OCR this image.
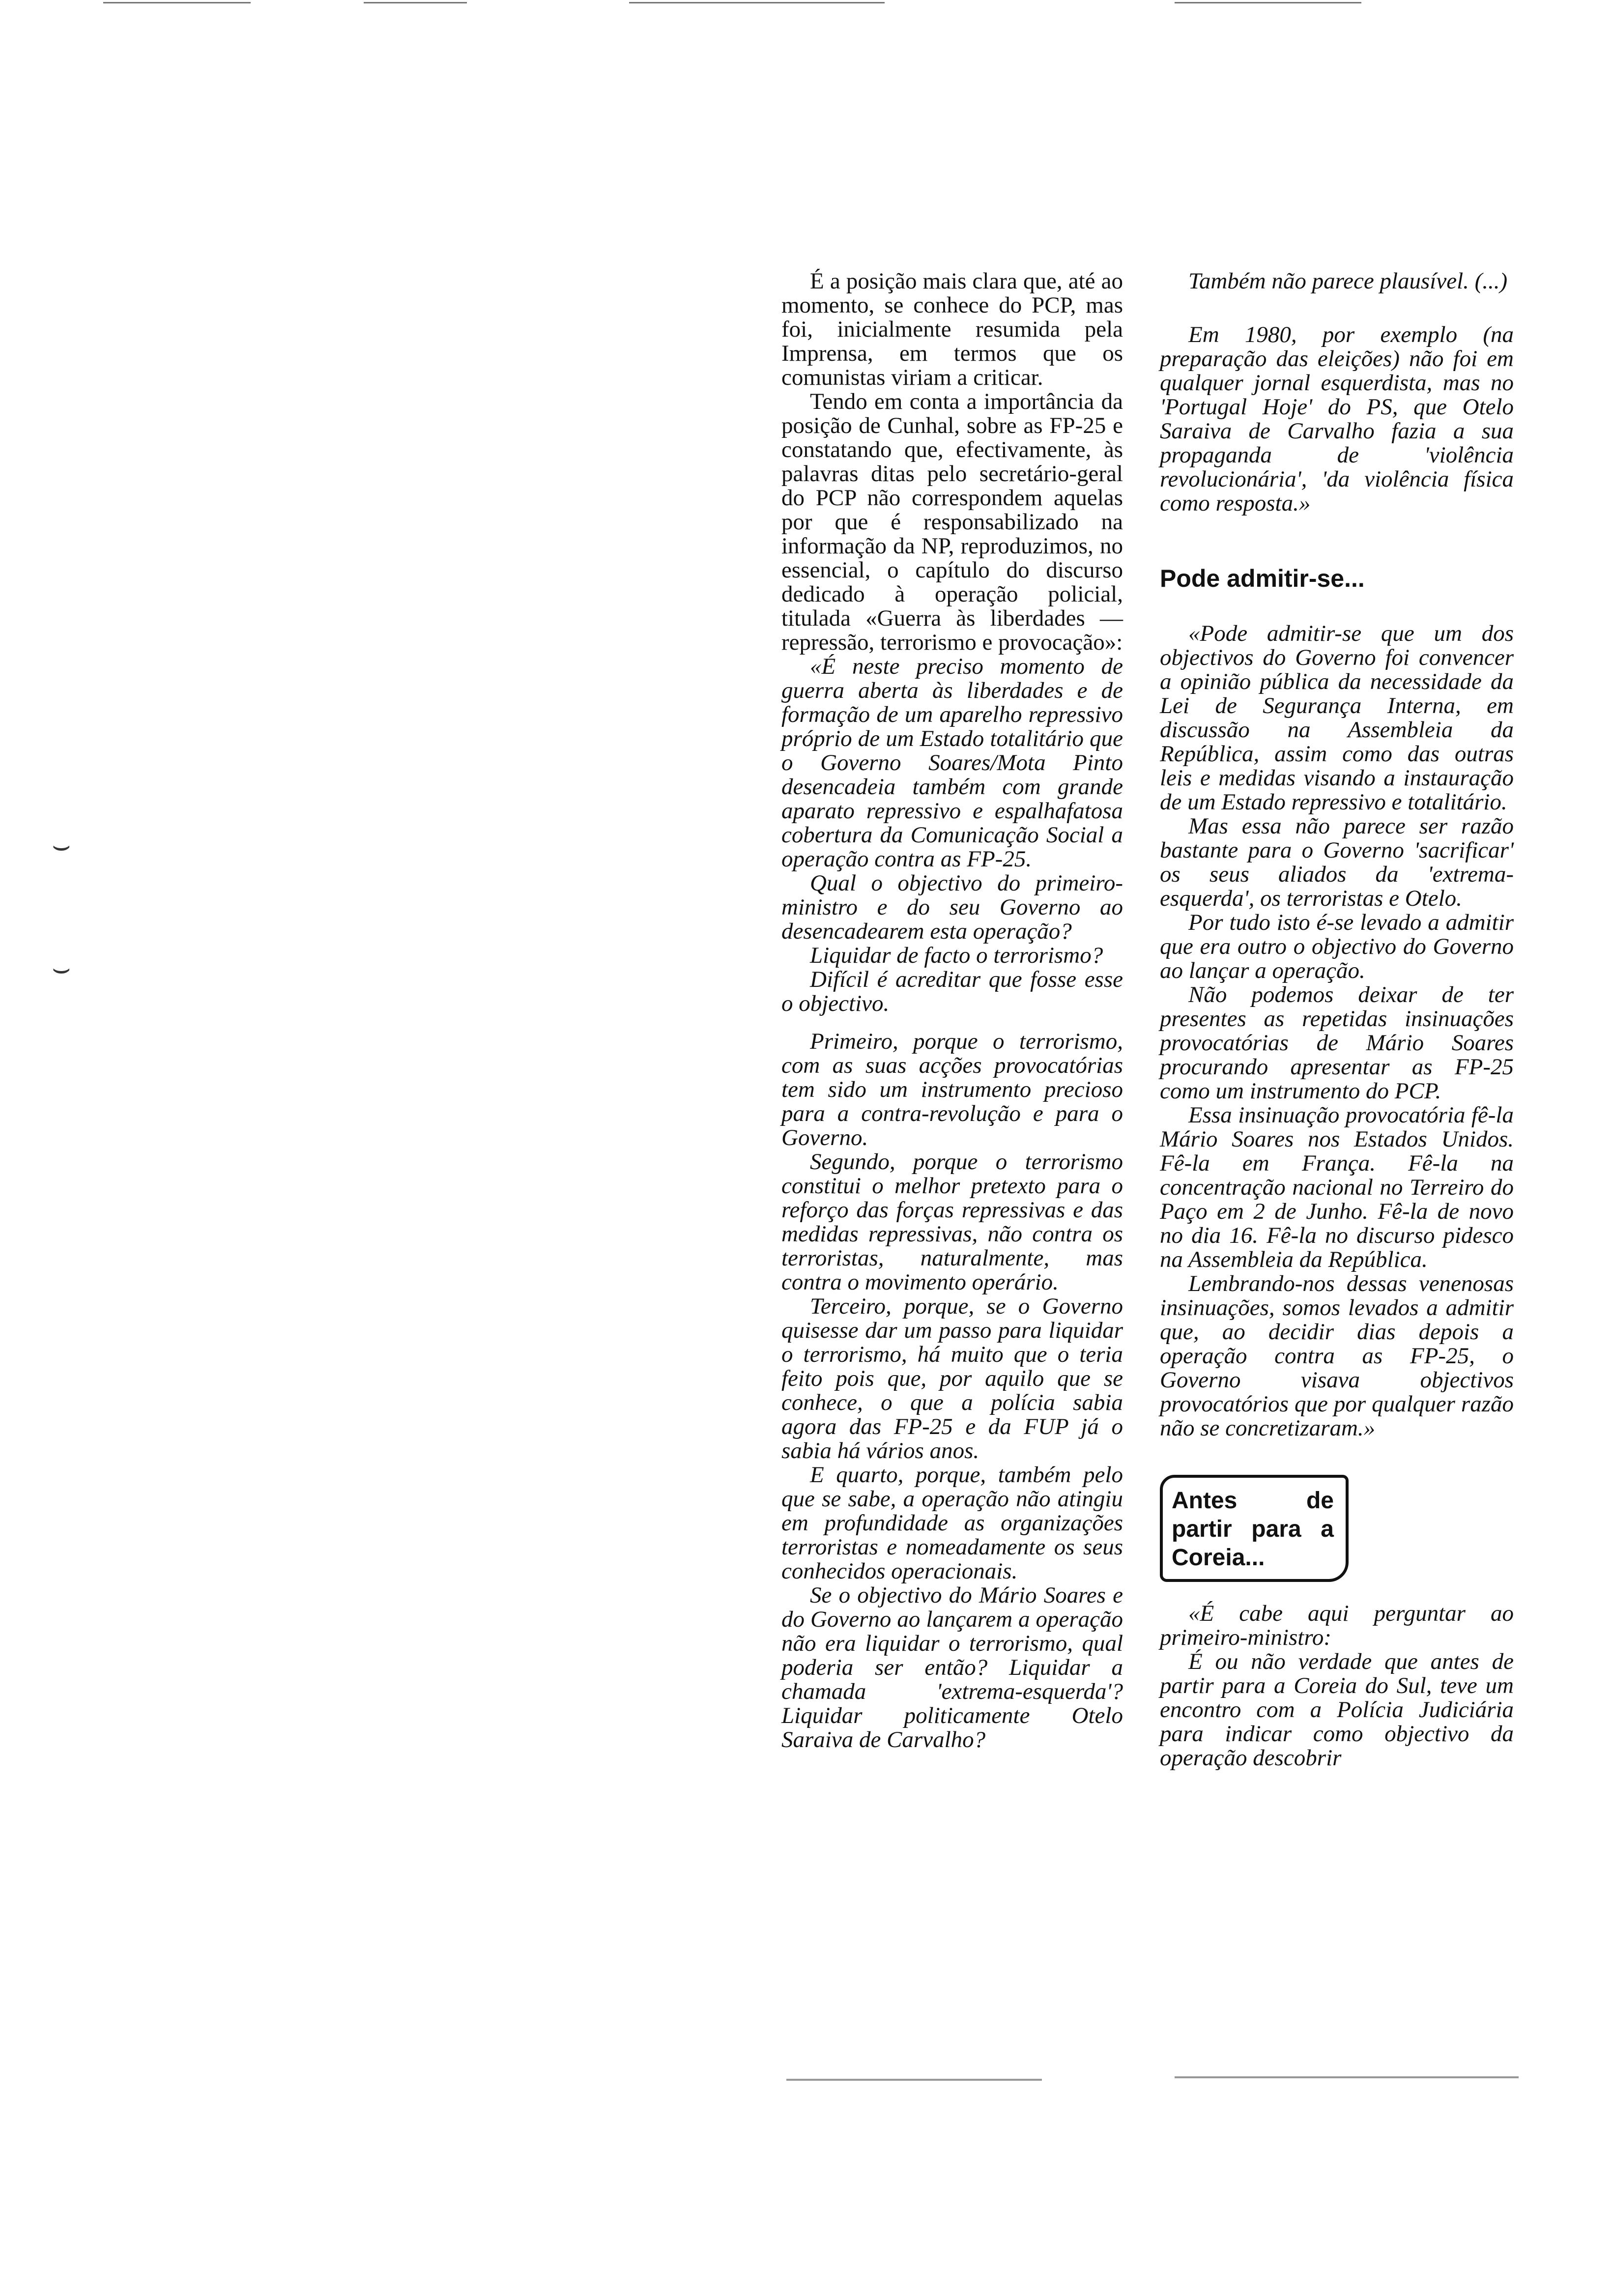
⌣
⌣

É a posição mais clara que, até ao momento, se conhece do PCP, mas foi, inicialmente resumida pela Imprensa, em termos que os comunistas viriam a criticar.

Tendo em conta a importância da posição de Cunhal, sobre as FP-25 e constatando que, efectivamente, às palavras ditas pelo secretário-geral do PCP não correspondem aquelas por que é responsabilizado na informação da NP, reproduzimos, no essencial, o capítulo do discurso dedicado à operação policial, titulada «Guerra às liberdades — repressão, terrorismo e provocação»:

«É neste preciso momento de guerra aberta às liberdades e de formação de um aparelho repressivo próprio de um Estado totalitário que o Governo Soares/Mota Pinto desencadeia também com grande aparato repressivo e espalhafatosa cobertura da Comunicação Social a operação contra as FP-25.

Qual o objectivo do primeiro-ministro e do seu Governo ao desencadearem esta operação?

Liquidar de facto o terrorismo?

Difícil é acreditar que fosse esse o objectivo.

Primeiro, porque o terrorismo, com as suas acções provocatórias tem sido um instrumento precioso para a contra-revolução e para o Governo.

Segundo, porque o terrorismo constitui o melhor pretexto para o reforço das forças repressivas e das medidas repressivas, não contra os terroristas, naturalmente, mas contra o movimento operário.

Terceiro, porque, se o Governo quisesse dar um passo para liquidar o terrorismo, há muito que o teria feito pois que, por aquilo que se conhece, o que a polícia sabia agora das FP-25 e da FUP já o sabia há vários anos.

E quarto, porque, também pelo que se sabe, a operação não atingiu em profundidade as organizações terroristas e nomeadamente os seus conhecidos operacionais.

Se o objectivo do Mário Soares e do Governo ao lançarem a operação não era liquidar o terrorismo, qual poderia ser então? Liquidar a chamada 'extrema-esquerda'? Liquidar politicamente Otelo Saraiva de Carvalho?

Também não parece plausível. (...)

Em 1980, por exemplo (na preparação das eleições) não foi em qualquer jornal esquerdista, mas no 'Portugal Hoje' do PS, que Otelo Saraiva de Carvalho fazia a sua propaganda de 'violência revolucionária', 'da violência física como resposta.»

Pode admitir-se...

«Pode admitir-se que um dos objectivos do Governo foi convencer a opinião pública da necessidade da Lei de Segurança Interna, em discussão na Assembleia da República, assim como das outras leis e medidas visando a instauração de um Estado repressivo e totalitário.

Mas essa não parece ser razão bastante para o Governo 'sacrificar' os seus aliados da 'extrema-esquerda', os terroristas e Otelo.

Por tudo isto é-se levado a admitir que era outro o objectivo do Governo ao lançar a operação.

Não podemos deixar de ter presentes as repetidas insinuações provocatórias de Mário Soares procurando apresentar as FP-25 como um instrumento do PCP.

Essa insinuação provocatória fê-la Mário Soares nos Estados Unidos. Fê-la em França. Fê-la na concentração nacional no Terreiro do Paço em 2 de Junho. Fê-la de novo no dia 16. Fê-la no discurso pidesco na Assembleia da República.

Lembrando-nos dessas venenosas insinuações, somos levados a admitir que, ao decidir dias depois a operação contra as FP-25, o Governo visava objectivos provocatórios que por qualquer razão não se concretizaram.»

Antes de partir para a Coreia...

«É cabe aqui perguntar ao primeiro-ministro:

É ou não verdade que antes de partir para a Coreia do Sul, teve um encontro com a Polícia Judiciária para indicar como objectivo da operação descobrir
